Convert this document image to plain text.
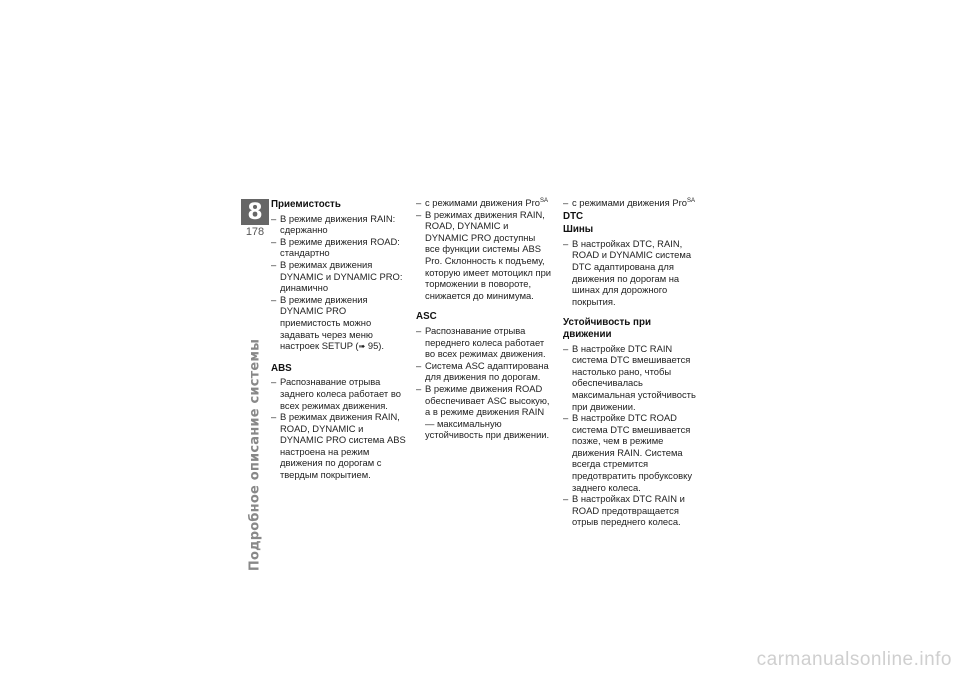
8
178
Подробное описание системы
Приемистость
– В режиме движения RAIN: сдержанно
– В режиме движения ROAD: стандартно
– В режимах движения DYNAMIC и DYNAMIC PRO: динамично
– В режиме движения DYNAMIC PRO приемистость можно задавать через меню настроек SETUP (➠ 95).
ABS
– Распознавание отрыва заднего колеса работает во всех режимах движения.
– В режимах движения RAIN, ROAD, DYNAMIC и DYNAMIC PRO система ABS настроена на режим движения по дорогам с твердым покрытием.
– с режимами движения Pro$^{SA}$
– В режимах движения RAIN, ROAD, DYNAMIC и DYNAMIC PRO доступны все функции системы ABS Pro. Склонность к подъему, которую имеет мотоцикл при торможении в повороте, снижается до минимума.
ASC
– Распознавание отрыва переднего колеса работает во всех режимах движения.
– Система ASC адаптирована для движения по дорогам.
– В режиме движения ROAD обеспечивает ASC высокую, а в режиме движения RAIN — максимальную устойчивость при движении.
– с режимами движения Pro$^{SA}$
DTC
Шины
– В настройках DTC, RAIN, ROAD и DYNAMIC система DTC адаптирована для движения по дорогам на шинах для дорожного покрытия.
Устойчивость при движении
– В настройке DTC RAIN система DTC вмешивается настолько рано, чтобы обеспечивалась максимальная устойчивость при движении.
– В настройке DTC ROAD система DTC вмешивается позже, чем в режиме движения RAIN. Система всегда стремится предотвратить пробуксовку заднего колеса.
– В настройках DTC RAIN и ROAD предотвращается отрыв переднего колеса.
carmanualsonline.info
